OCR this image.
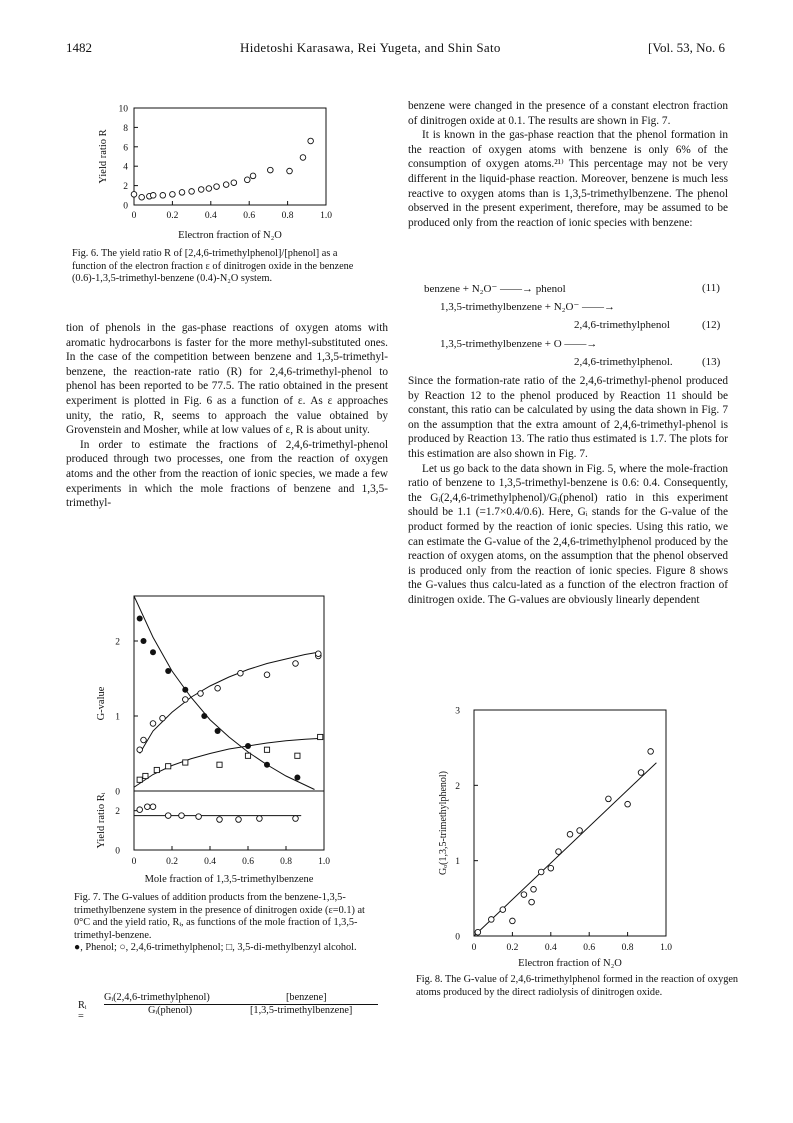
1482	Hidetoshi Karasawa, Rei Yugeta, and Shin Sato	[Vol. 53, No. 6
0
2
4
6
8
10
0	0.2	0.4	0.6	0.8	1.0
Electron fraction of N₂O
Yield ratio R
Fig. 6. The yield ratio R of [2,4,6-trimethylphenol]/[phenol] as a function of the electron fraction ε of dinitrogen oxide in the benzene (0.6)-1,3,5-trimethyl-benzene (0.4)-N₂O system.

tion of phenols in the gas-phase reactions of oxygen atoms with aromatic hydrocarbons is faster for the more methyl-substituted ones. In the case of the competition between benzene and 1,3,5-trimethyl-benzene, the reaction-rate ratio (R) for 2,4,6-trimethyl-phenol to phenol has been reported to be 77.5. The ratio obtained in the present experiment is plotted in Fig. 6 as a function of ε. As ε approaches unity, the ratio, R, seems to approach the value obtained by Grovenstein and Mosher, while at low values of ε, R is about unity.

In order to estimate the fractions of 2,4,6-trimethyl-phenol produced through two processes, one from the reaction of oxygen atoms and the other from the reaction of ionic species, we made a few experiments in which the mole fractions of benzene and 1,3,5-trimethyl-

0
1
2
0
2
0	0.2	0.4	0.6	0.8	1.0
Mole fraction of 1,3,5-trimethylbenzene
G-value
Yield ratio Rᵢ

Fig. 7. The G-values of addition products from the benzene-1,3,5-trimethylbenzene system in the presence of dinitrogen oxide (ε=0.1) at 0°C and the yield ratio, Rᵢ, as functions of the mole fraction of 1,3,5-trimethyl-benzene.

●, Phenol; ○, 2,4,6-trimethylphenol; □, 3,5-di-methylbenzyl alcohol.

Rᵢ =
Gᵢ(2,4,6-trimethylphenol)
Gᵢ(phenol)
[benzene]
[1,3,5-trimethylbenzene]

benzene were changed in the presence of a constant electron fraction of dinitrogen oxide at 0.1. The results are shown in Fig. 7.

It is known in the gas-phase reaction that the phenol formation in the reaction of oxygen atoms with benzene is only 6% of the consumption of oxygen atoms.²¹⁾ This percentage may not be very different in the liquid-phase reaction. Moreover, benzene is much less reactive to oxygen atoms than is 1,3,5-trimethylbenzene. The phenol observed in the present experiment, therefore, may be assumed to be produced only from the reaction of ionic species with benzene:

benzene + N₂O⁻ ——→ phenol	(11)
1,3,5-trimethylbenzene + N₂O⁻ ——→
2,4,6-trimethylphenol	(12)
1,3,5-trimethylbenzene + O ——→
2,4,6-trimethylphenol.	(13)

Since the formation-rate ratio of the 2,4,6-trimethyl-phenol produced by Reaction 12 to the phenol produced by Reaction 11 should be constant, this ratio can be calculated by using the data shown in Fig. 7 on the assumption that the extra amount of 2,4,6-trimethyl-phenol is produced by Reaction 13. The ratio thus estimated is 1.7. The plots for this estimation are also shown in Fig. 7.

Let us go back to the data shown in Fig. 5, where the mole-fraction ratio of benzene to 1,3,5-trimethyl-benzene is 0.6: 0.4. Consequently, the Gᵢ(2,4,6-trimethylphenol)/Gᵢ(phenol) ratio in this experiment should be 1.1 (=1.7×0.4/0.6). Here, Gᵢ stands for the G-value of the product formed by the reaction of ionic species. Using this ratio, we can estimate the G-value of the 2,4,6-trimethylphenol produced by the reaction of oxygen atoms, on the assumption that the phenol observed is produced only from the reaction of ionic species. Figure 8 shows the G-values thus calcu-lated as a function of the electron fraction of dinitrogen oxide. The G-values are obviously linearly dependent

0
1
2
3
0	0.2	0.4	0.6	0.8	1.0
Electron fraction of N₂O
Gₒ(1,3,5-trimethylphenol)
Fig. 8. The G-value of 2,4,6-trimethylphenol formed in the reaction of oxygen atoms produced by the direct radiolysis of dinitrogen oxide.
